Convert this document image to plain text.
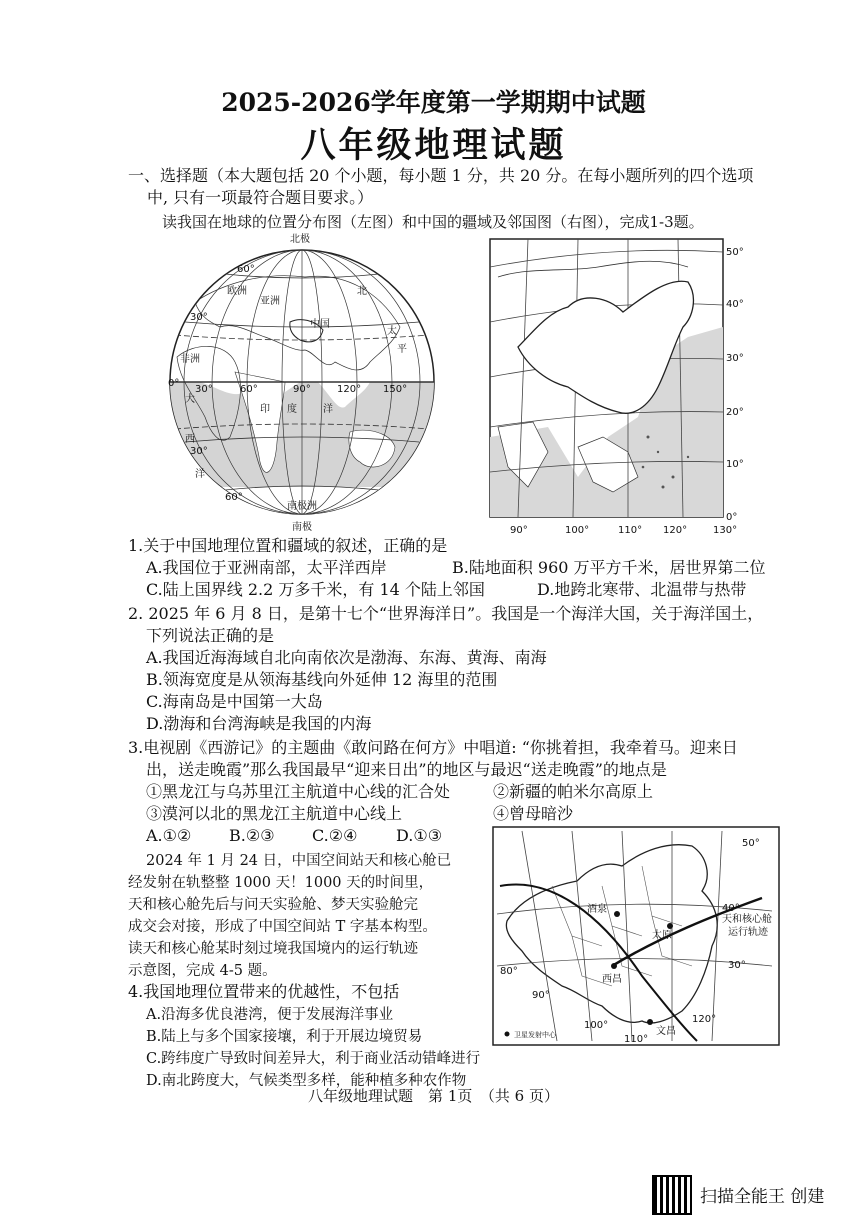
2025-2026学年度第一学期期中试题
八年级地理试题
一、选择题（本大题包括 20 个小题，每小题 1 分，共 20 分。在每小题所列的四个选项
中, 只有一项最符合题目要求。）
读我国在地球的位置分布图（左图）和中国的疆域及邻国图（右图），完成1-3题。
北极
南极
欧洲
亚洲
北
太
中国
非洲
平
大
印 度	洋
西
洋
南极洲
60°
30°
0°
30°
60°
30°	60°	90°	120° 150°
50°
40°
30°
20°
10°
0°
90°	100°	110° 120°	130°
1.关于中国地理位置和疆域的叙述，正确的是
A.我国位于亚洲南部，太平洋西岸	B.陆地面积 960 万平方千米，居世界第二位
C.陆上国界线 2.2 万多千米，有 14 个陆上邻国	D.地跨北寒带、北温带与热带
2. 2025 年 6 月 8 日，是第十七个“世界海洋日”。我国是一个海洋大国，关于海洋国土，
下列说法正确的是
A.我国近海海域自北向南依次是渤海、东海、黄海、南海
B.领海宽度是从领海基线向外延伸 12 海里的范围
C.海南岛是中国第一大岛
D.渤海和台湾海峡是我国的内海
3.电视剧《西游记》的主题曲《敢问路在何方》中唱道: “你挑着担，我牵着马。迎来日
出，送走晚霞”那么我国最早“迎来日出”的地区与最迟“送走晚霞”的地点是
①黑龙江与乌苏里江主航道中心线的汇合处	②新疆的帕米尔高原上
③漠河以北的黑龙江主航道中心线上	④曾母暗沙
A.①② B.②③ C.②④ D.①③
2024 年 1 月 24 日，中国空间站天和核心舱已
经发射在轨整整 1000 天！1000 天的时间里，
天和核心舱先后与问天实验舱、梦天实验舱完
成交会对接，形成了中国空间站 T 字基本构型。
读天和核心舱某时刻过境我国境内的运行轨迹
示意图，完成 4-5 题。
酒泉
太原
西昌
文昌
天和核心舱
运行轨迹
卫星发射中心
50°
40°
30°
80°
90°
100°
110°
120°
4.我国地理位置带来的优越性，不包括
A.沿海多优良港湾，便于发展海洋事业
B.陆上与多个国家接壤，利于开展边境贸易
C.跨纬度广导致时间差异大，利于商业活动错峰进行
D.南北跨度大，气候类型多样，能种植多种农作物
八年级地理试题　第 1页　（共 6 页）
扫描全能王 创建
